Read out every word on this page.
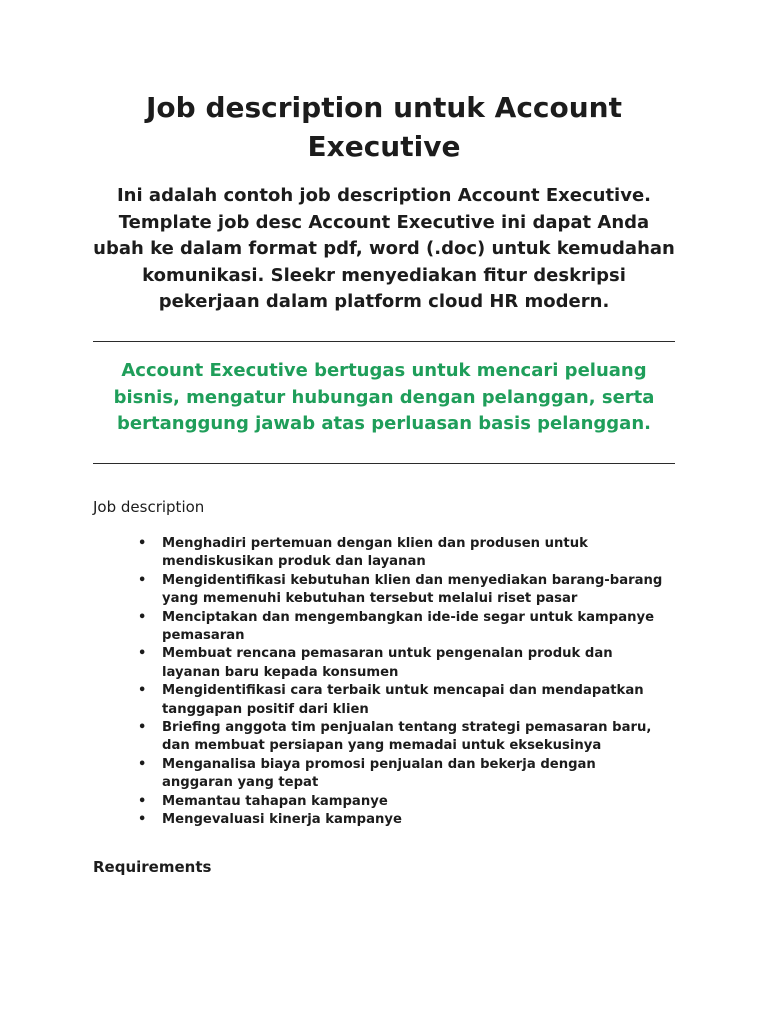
Job description untuk Account Executive

Ini adalah contoh job description Account Executive. Template job desc Account Executive ini dapat Anda ubah ke dalam format pdf, word (.doc) untuk kemudahan komunikasi. Sleekr menyediakan fitur deskripsi pekerjaan dalam platform cloud HR modern.

Account Executive bertugas untuk mencari peluang bisnis, mengatur hubungan dengan pelanggan, serta bertanggung jawab atas perluasan basis pelanggan.

Job description
• Menghadiri pertemuan dengan klien dan produsen untuk mendiskusikan produk dan layanan
• Mengidentifikasi kebutuhan klien dan menyediakan barang-barang yang memenuhi kebutuhan tersebut melalui riset pasar
• Menciptakan dan mengembangkan ide-ide segar untuk kampanye pemasaran
• Membuat rencana pemasaran untuk pengenalan produk dan layanan baru kepada konsumen
• Mengidentifikasi cara terbaik untuk mencapai dan mendapatkan tanggapan positif dari klien
• Briefing anggota tim penjualan tentang strategi pemasaran baru, dan membuat persiapan yang memadai untuk eksekusinya
• Menganalisa biaya promosi penjualan dan bekerja dengan anggaran yang tepat
• Memantau tahapan kampanye
• Mengevaluasi kinerja kampanye
Requirements
